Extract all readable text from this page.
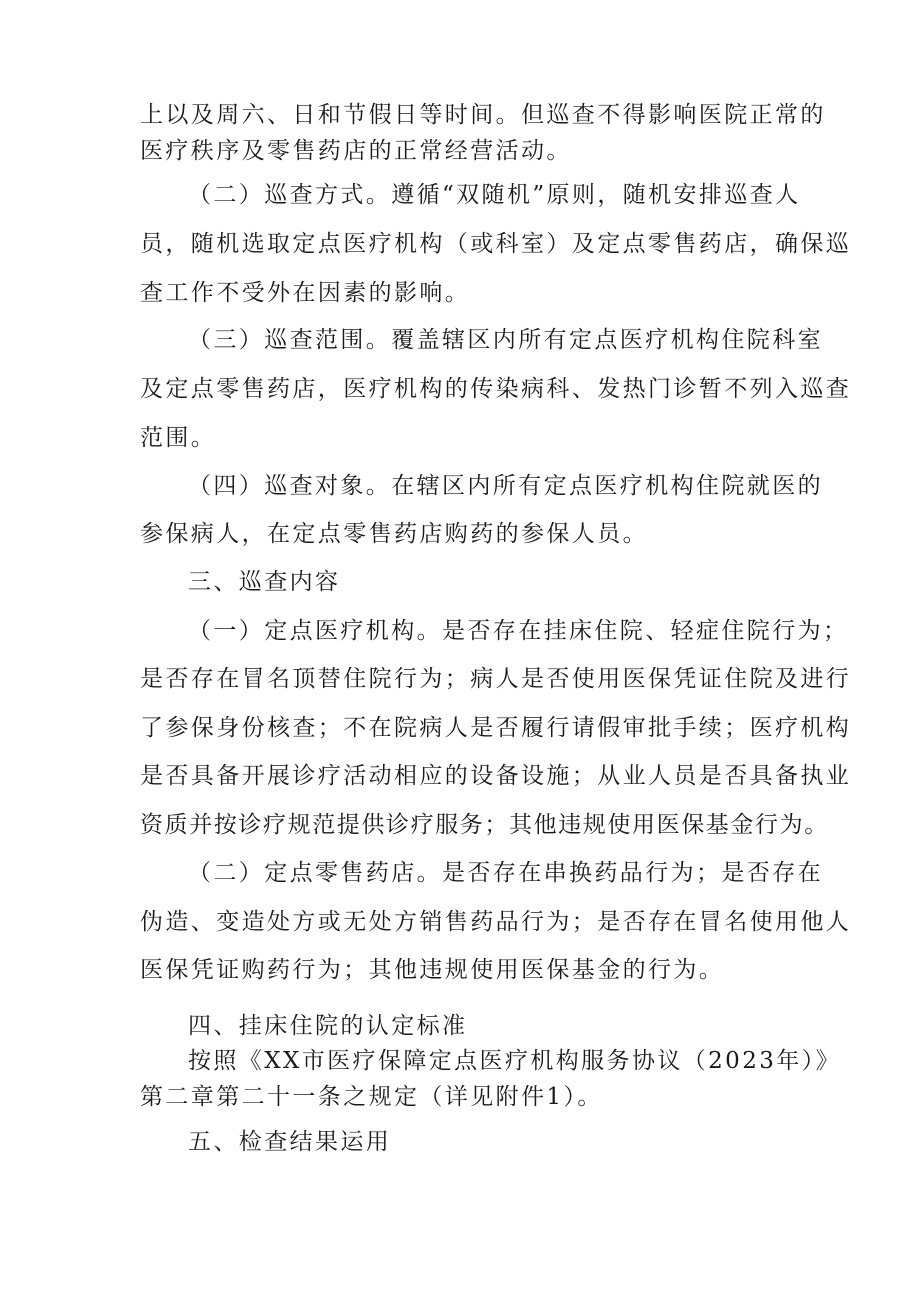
上以及周六、日和节假日等时间。但巡查不得影响医院正常的

医疗秩序及零售药店的正常经营活动。

（二）巡查方式。遵循“双随机”原则，随机安排巡查人

员，随机选取定点医疗机构（或科室）及定点零售药店，确保巡

查工作不受外在因素的影响。

（三）巡查范围。覆盖辖区内所有定点医疗机构住院科室

及定点零售药店，医疗机构的传染病科、发热门诊暂不列入巡查

范围。

（四）巡查对象。在辖区内所有定点医疗机构住院就医的

参保病人，在定点零售药店购药的参保人员。

三、巡查内容

（一）定点医疗机构。是否存在挂床住院、轻症住院行为；

是否存在冒名顶替住院行为；病人是否使用医保凭证住院及进行

了参保身份核查；不在院病人是否履行请假审批手续；医疗机构

是否具备开展诊疗活动相应的设备设施；从业人员是否具备执业

资质并按诊疗规范提供诊疗服务；其他违规使用医保基金行为。

（二）定点零售药店。是否存在串换药品行为；是否存在

伪造、变造处方或无处方销售药品行为；是否存在冒名使用他人

医保凭证购药行为；其他违规使用医保基金的行为。

四、挂床住院的认定标准

按照《XX市医疗保障定点医疗机构服务协议（2023年）》

第二章第二十一条之规定（详见附件1）。

五、检查结果运用
